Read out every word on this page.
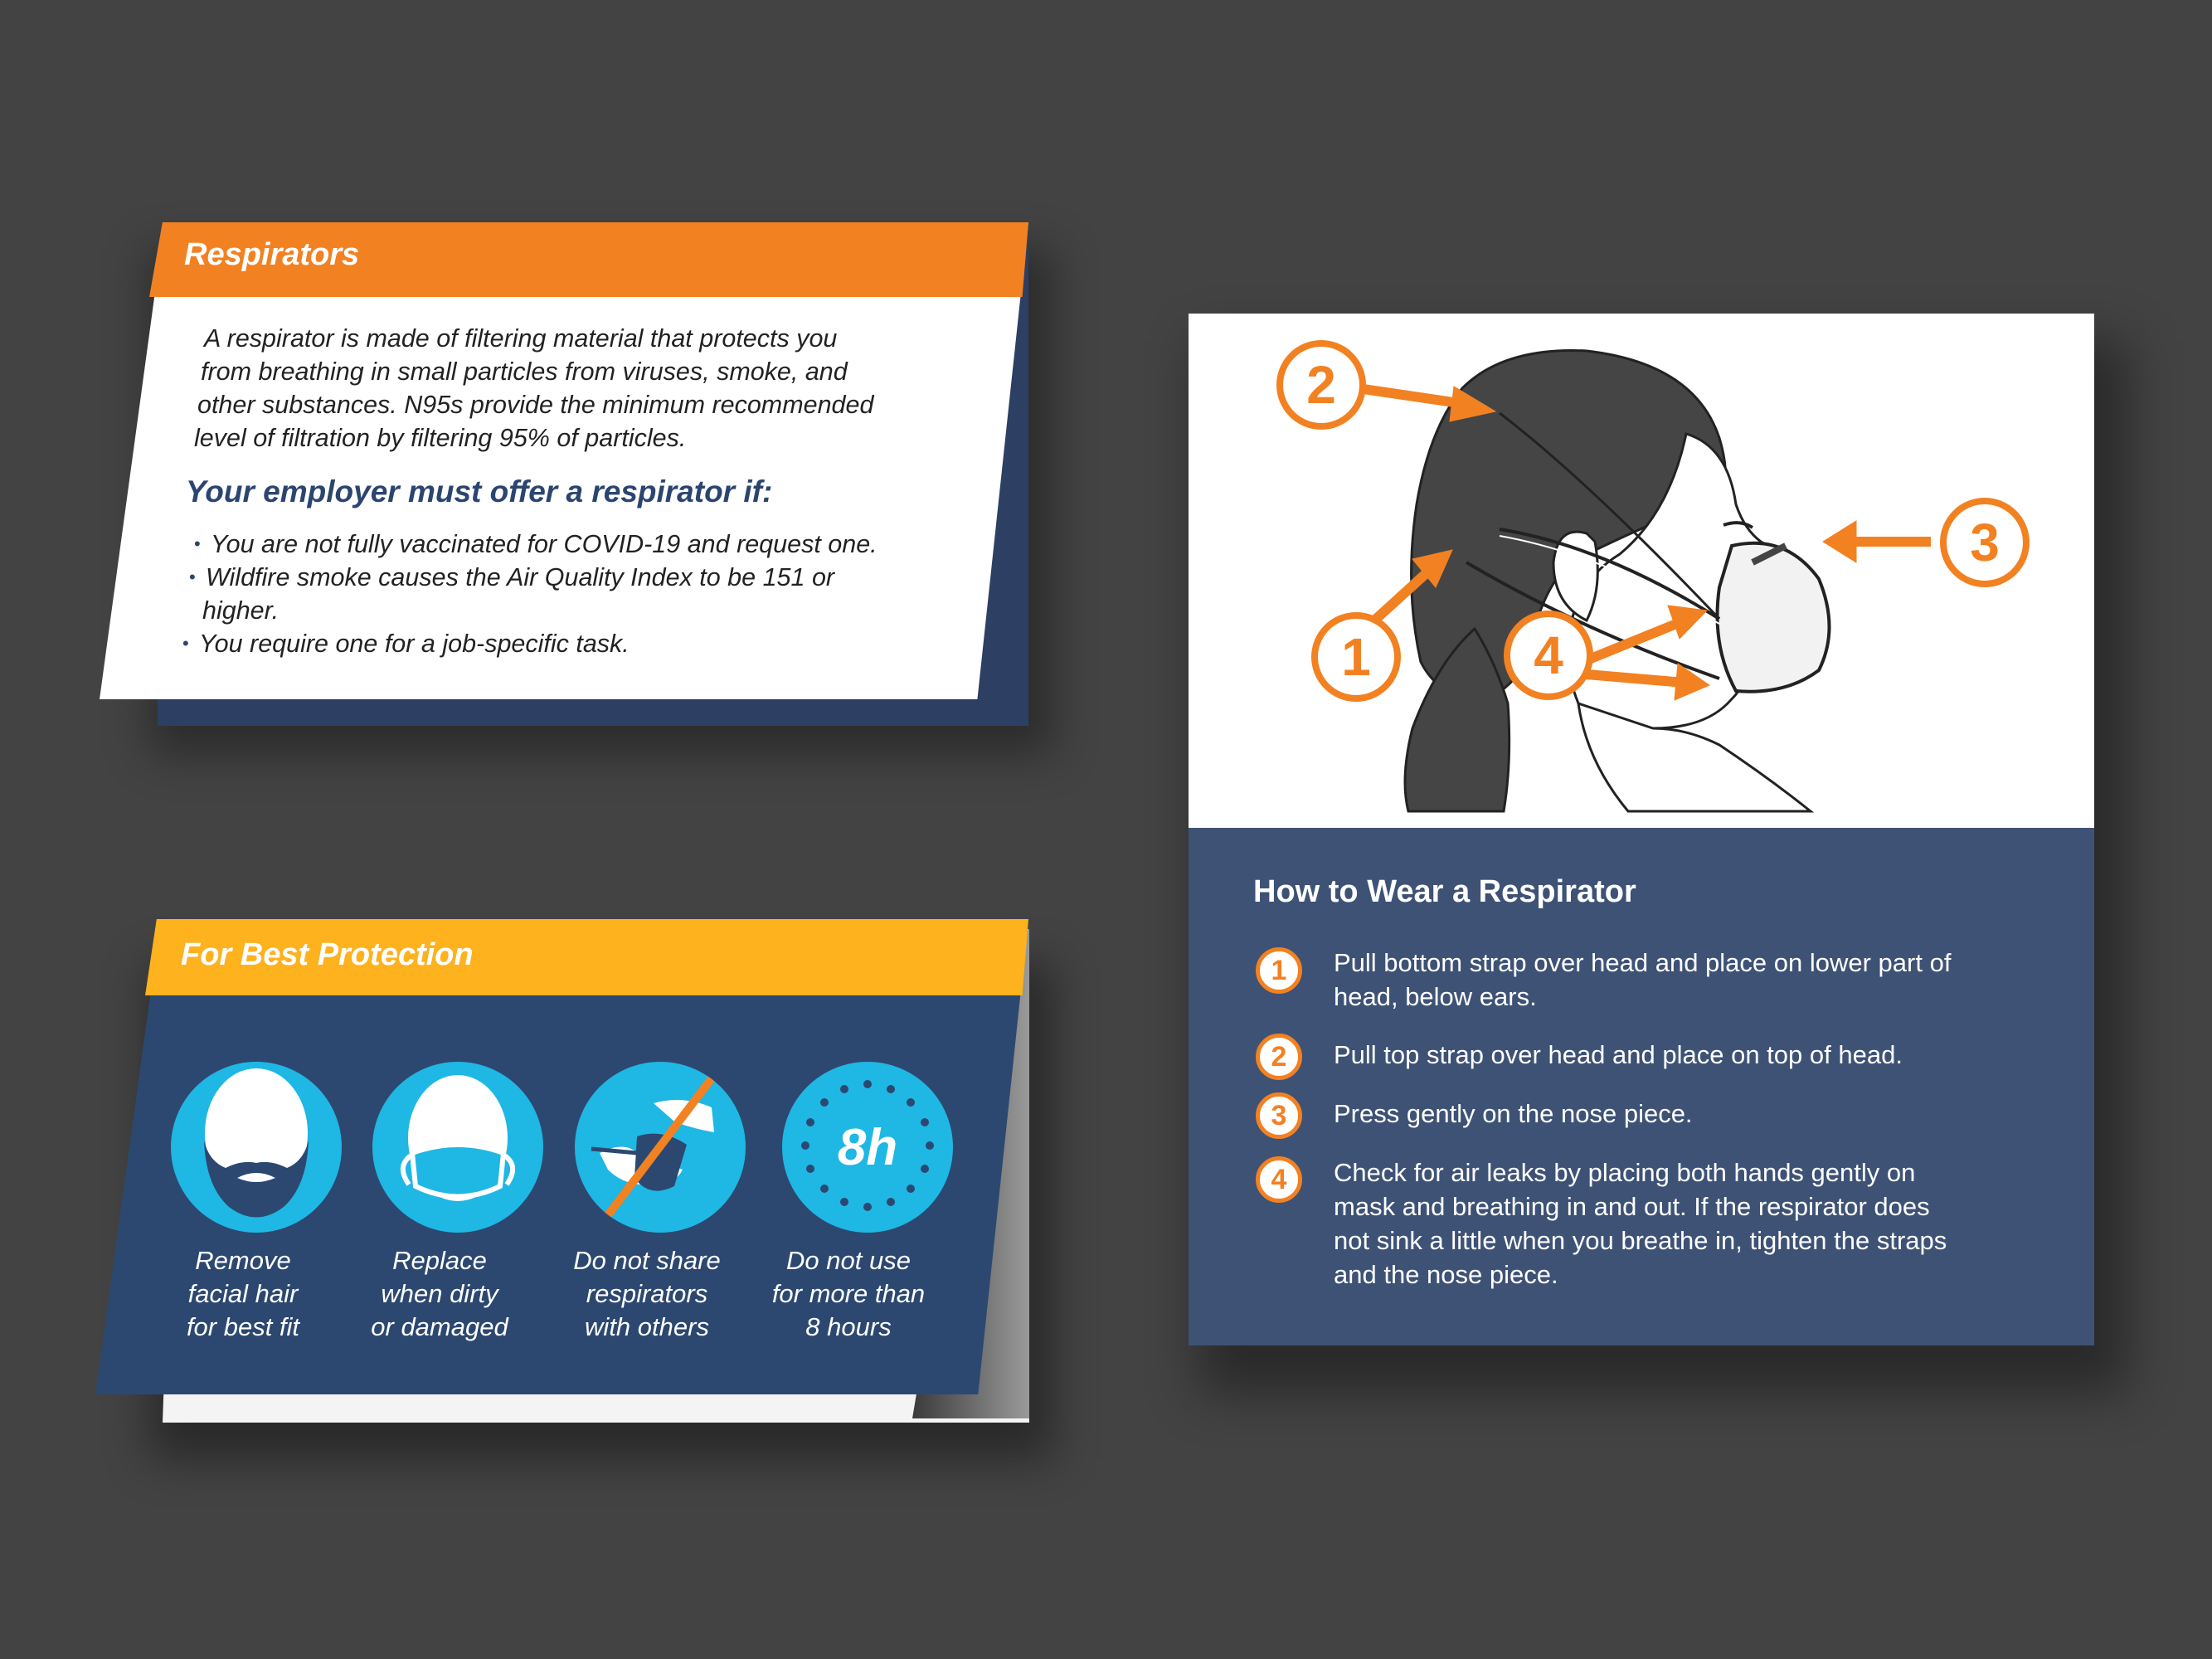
Respirators
A respirator is made of filtering material that protects you
from breathing in small particles from viruses, smoke, and
other substances. N95s provide the minimum recommended
level of filtration by filtering 95% of particles.
Your employer must offer a respirator if:
• You are not fully vaccinated for COVID-19 and request one.
• Wildfire smoke causes the Air Quality Index to be 151 or
higher.
• You require one for a job-specific task.
For Best Protection
Remove
facial hair
for best fit
Replace
when dirty
or damaged
Do not share
respirators
with others
8h
Do not use
for more than
8 hours
2
3
1	4
How to Wear a Respirator
1	Pull bottom strap over head and place on lower part of
head, below ears.
2	Pull top strap over head and place on top of head.
3	Press gently on the nose piece.
4	Check for air leaks by placing both hands gently on
mask and breathing in and out. If the respirator does
not sink a little when you breathe in, tighten the straps
and the nose piece.
